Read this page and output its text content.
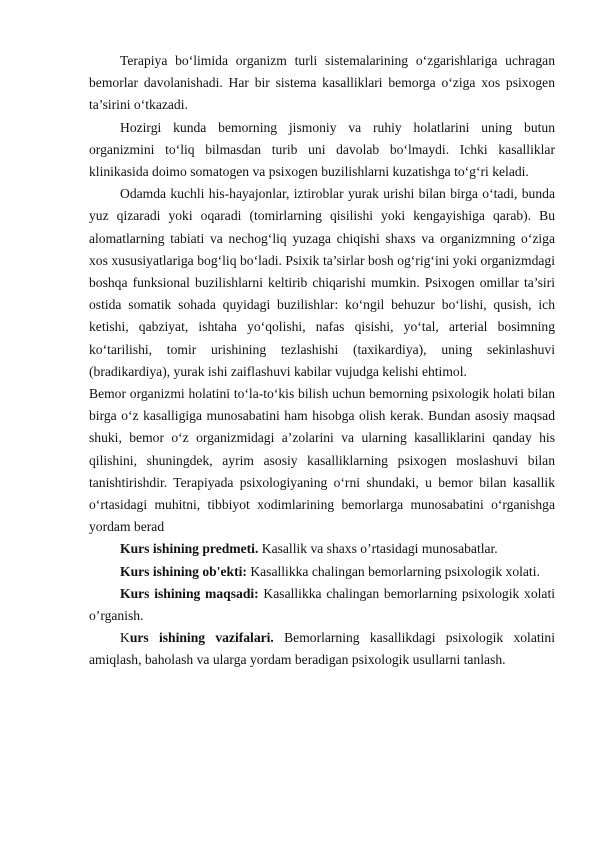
Terapiya bo‘limida organizm turli sistemalarining o‘zgarishlariga uchragan bemorlar davolanishadi. Har bir sistema kasalliklari bemorga o‘ziga xos psixogen ta’sirini o‘tkazadi.

Hozirgi kunda bemorning jismoniy va ruhiy holatlarini uning butun organizmini to‘liq bilmasdan turib uni davolab bo‘lmaydi. Ichki kasalliklar klinikasida doimo somatogen va psixogen buzilishlarni kuzatishga to‘g‘ri keladi.

Odamda kuchli his-hayajonlar, iztiroblar yurak urishi bilan birga o‘tadi, bunda yuz qizaradi yoki oqaradi (tomirlarning qisilishi yoki kengayishiga qarab). Bu alomatlarning tabiati va nechog‘liq yuzaga chiqishi shaxs va organizmning o‘ziga xos xususiyatlariga bog‘liq bo‘ladi. Psixik ta’sirlar bosh og‘rig‘ini yoki organizmdagi boshqa funksional buzilishlarni keltirib chiqarishi mumkin. Psixogen omillar ta’siri ostida somatik sohada quyidagi buzilishlar: ko‘ngil behuzur bo‘lishi, qusish, ich ketishi, qabziyat, ishtaha yo‘qolishi, nafas qisishi, yo‘tal, arterial bosimning ko‘tarilishi, tomir urishining tezlashishi (taxikardiya), uning sekinlashuvi (bradikardiya), yurak ishi zaiflashuvi kabilar vujudga kelishi ehtimol.

Bemor organizmi holatini to‘la-to‘kis bilish uchun bemorning psixologik holati bilan birga o‘z kasalligiga munosabatini ham hisobga olish kerak. Bundan asosiy maqsad shuki, bemor o‘z organizmidagi a’zolarini va ularning kasalliklarini qanday his qilishini, shuningdek, ayrim asosiy kasalliklarning psixogen moslashuvi bilan tanishtirishdir. Terapiyada psixologiyaning o‘rni shundaki, u bemor bilan kasallik o‘rtasidagi muhitni, tibbiyot xodimlarining bemorlarga munosabatini o‘rganishga yordam berad

Kurs ishining predmeti. Kasallik va shaxs o’rtasidagi munosabatlar.

Kurs ishining ob'ekti: Kasallikka chalingan bemorlarning psixologik xolati.

Kurs ishining maqsadi: Kasallikka chalingan bemorlarning psixologik xolati o’rganish.

Kurs ishining vazifalari. Bemorlarning kasallikdagi psixologik xolatini amiqlash, baholash va ularga yordam beradigan psixologik usullarni tanlash.
